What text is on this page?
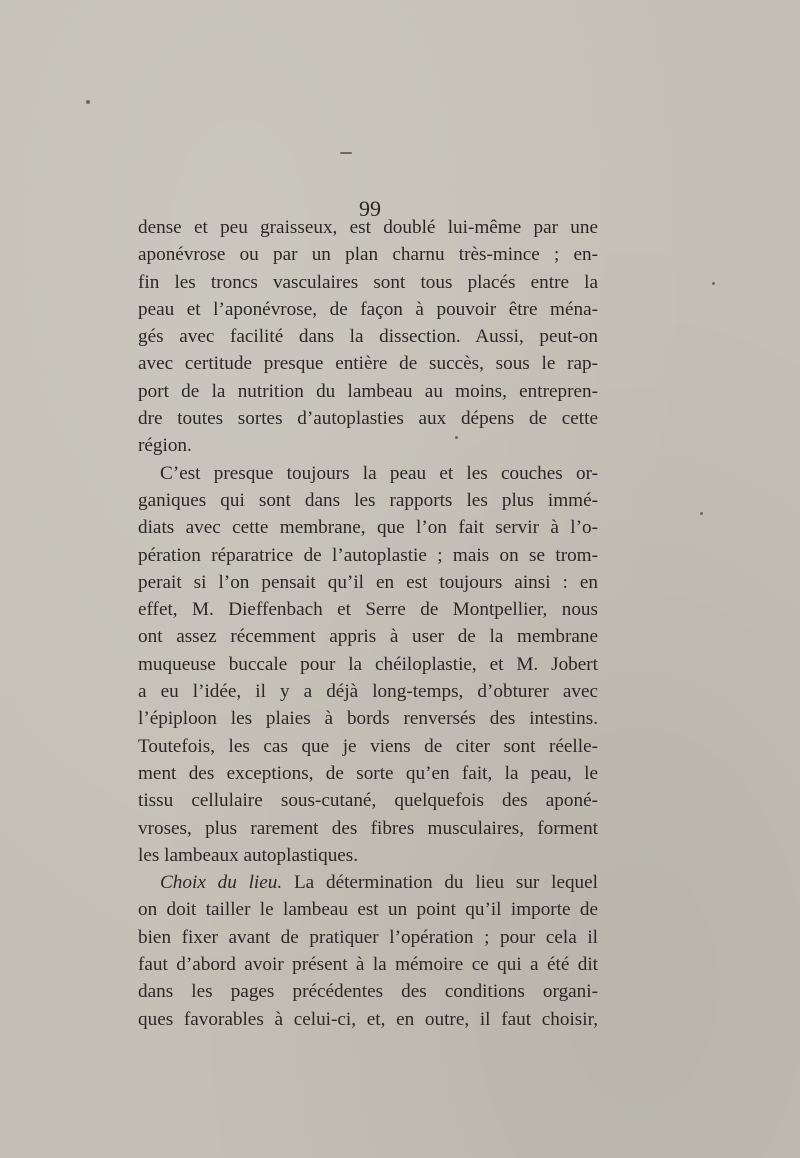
99
dense et peu graisseux, est doublé lui-même par une
aponévrose ou par un plan charnu très-mince ; en-
fin les troncs vasculaires sont tous placés entre la
peau et l’aponévrose, de façon à pouvoir être ména-
gés avec facilité dans la dissection. Aussi, peut-on
avec certitude presque entière de succès, sous le rap-
port de la nutrition du lambeau au moins, entrepren-
dre toutes sortes d’autoplasties aux dépens de cette
région.
C’est presque toujours la peau et les couches or-
ganiques qui sont dans les rapports les plus immé-
diats avec cette membrane, que l’on fait servir à l’o-
pération réparatrice de l’autoplastie ; mais on se trom-
perait si l’on pensait qu’il en est toujours ainsi : en
effet, M. Dieffenbach et Serre de Montpellier, nous
ont assez récemment appris à user de la membrane
muqueuse buccale pour la chéiloplastie, et M. Jobert
a eu l’idée, il y a déjà long-temps, d’obturer avec
l’épiploon les plaies à bords renversés des intestins.
Toutefois, les cas que je viens de citer sont réelle-
ment des exceptions, de sorte qu’en fait, la peau, le
tissu cellulaire sous-cutané, quelquefois des aponé-
vroses, plus rarement des fibres musculaires, forment
les lambeaux autoplastiques.
Choix du lieu. La détermination du lieu sur lequel
on doit tailler le lambeau est un point qu’il importe de
bien fixer avant de pratiquer l’opération ; pour cela il
faut d’abord avoir présent à la mémoire ce qui a été dit
dans les pages précédentes des conditions organi-
ques favorables à celui-ci, et, en outre, il faut choisir,
